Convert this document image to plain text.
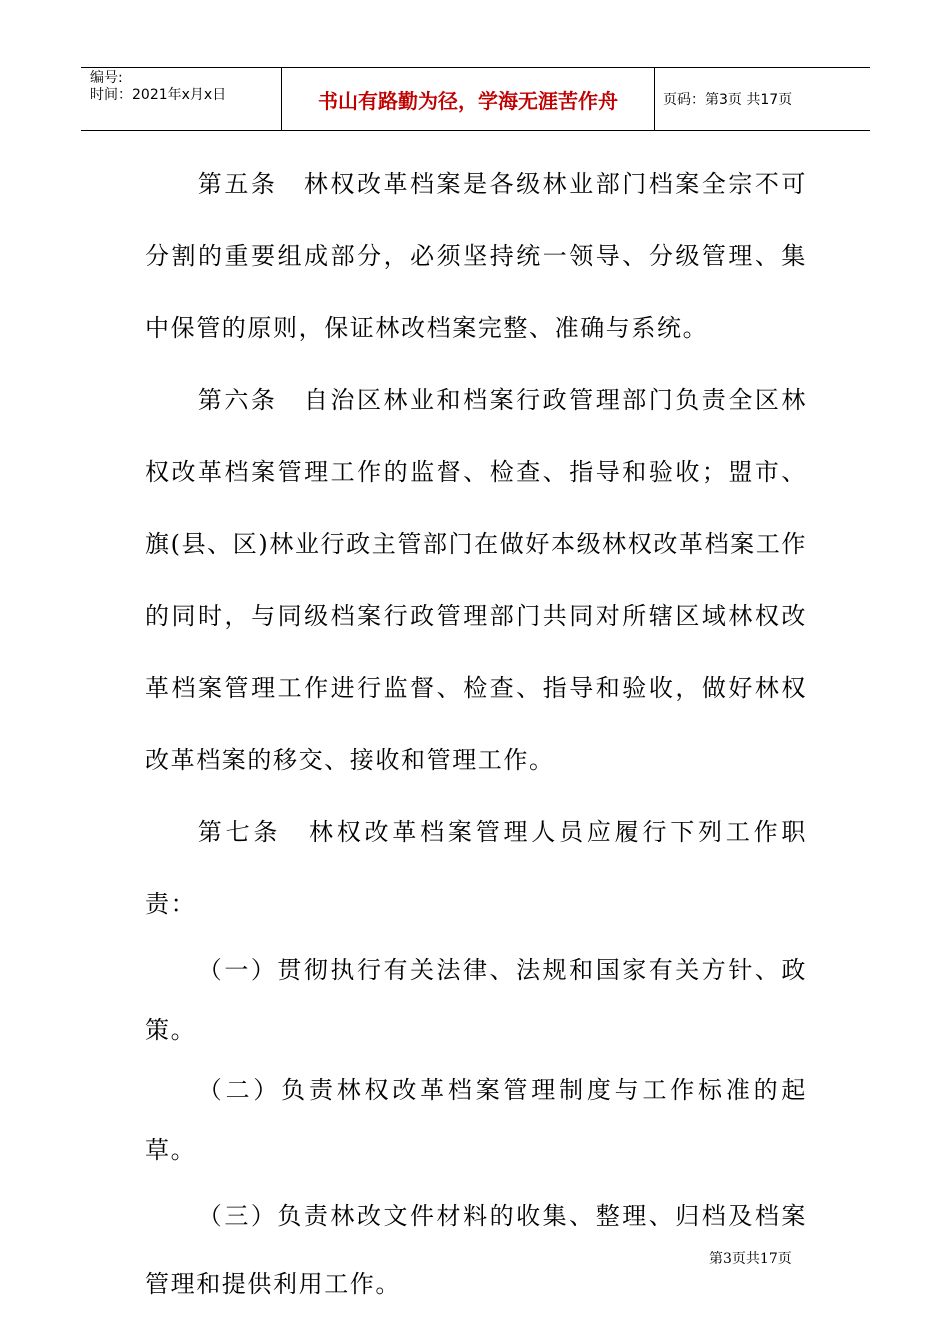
编号:
时间：2021年x月x日	书山有路勤为径，学海无涯苦作舟	页码：第3页 共17页

第五条　林权改革档案是各级林业部门档案全宗不可分割的重要组成部分，必须坚持统一领导、分级管理、集中保管的原则，保证林改档案完整、准确与系统。

第六条　自治区林业和档案行政管理部门负责全区林权改革档案管理工作的监督、检查、指导和验收；盟市、旗(县、区)林业行政主管部门在做好本级林权改革档案工作的同时，与同级档案行政管理部门共同对所辖区域林权改革档案管理工作进行监督、检查、指导和验收，做好林权改革档案的移交、接收和管理工作。

第七条　林权改革档案管理人员应履行下列工作职责：

（一）贯彻执行有关法律、法规和国家有关方针、政策。

（二）负责林权改革档案管理制度与工作标准的起草。

（三）负责林改文件材料的收集、整理、归档及档案管理和提供利用工作。

第3页共17页
